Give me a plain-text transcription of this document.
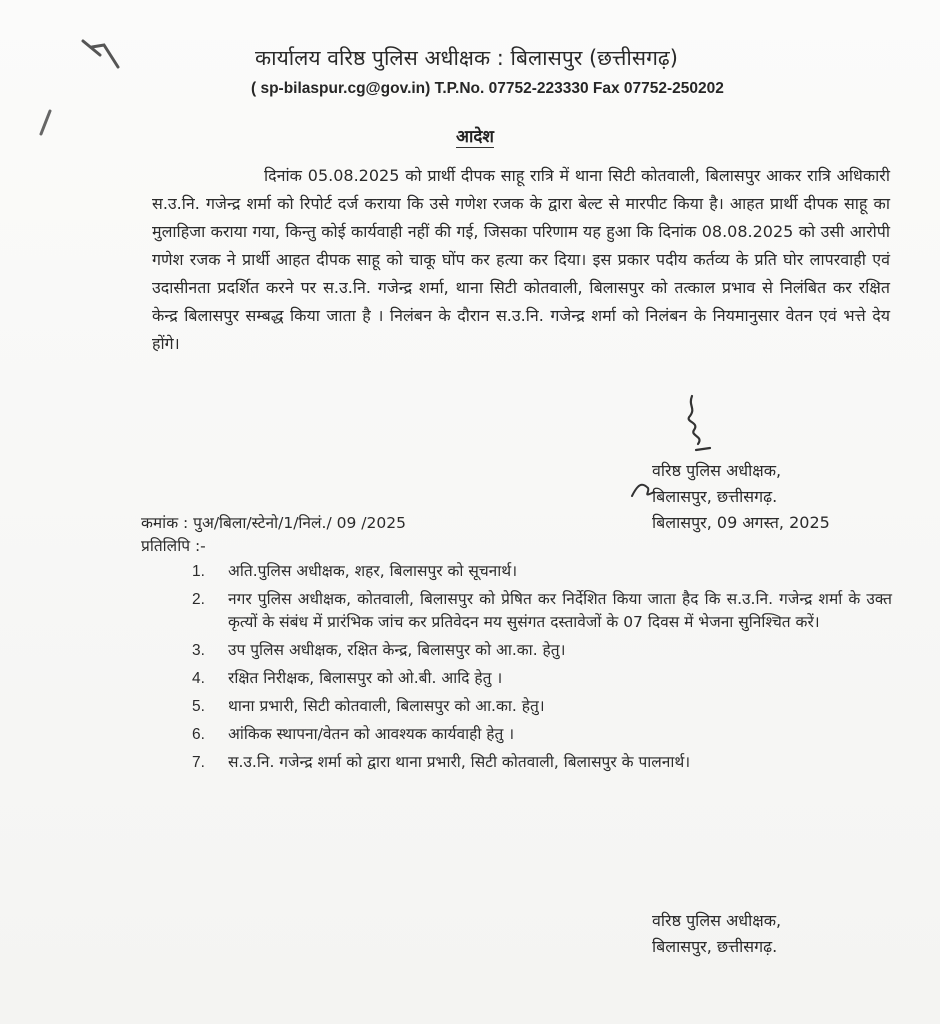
कार्यालय वरिष्ठ पुलिस अधीक्षक : बिलासपुर (छत्तीसगढ़)
( sp-bilaspur.cg@gov.in) T.P.No. 07752-223330 Fax 07752-250202
आदेश
दिनांक 05.08.2025 को प्रार्थी दीपक साहू रात्रि में थाना सिटी कोतवाली, बिलासपुर आकर रात्रि अधिकारी स.उ.नि. गजेन्द्र शर्मा को रिपोर्ट दर्ज कराया कि उसे गणेश रजक के द्वारा बेल्ट से मारपीट किया है। आहत प्रार्थी दीपक साहू का मुलाहिजा कराया गया, किन्तु कोई कार्यवाही नहीं की गई, जिसका परिणाम यह हुआ कि दिनांक 08.08.2025 को उसी आरोपी गणेश रजक ने प्रार्थी आहत दीपक साहू को चाकू घोंप कर हत्या कर दिया। इस प्रकार पदीय कर्तव्य के प्रति घोर लापरवाही एवं उदासीनता प्रदर्शित करने पर स.उ.नि. गजेन्द्र शर्मा, थाना सिटी कोतवाली, बिलासपुर को तत्काल प्रभाव से निलंबित कर रक्षित केन्द्र बिलासपुर सम्बद्ध किया जाता है । निलंबन के दौरान स.उ.नि. गजेन्द्र शर्मा को निलंबन के नियमानुसार वेतन एवं भत्ते देय होंगे।
वरिष्ठ पुलिस अधीक्षक,
बिलासपुर, छत्तीसगढ़.
कमांक : पुअ/बिला/स्टेनो/1/निलं./ 09 /2025	बिलासपुर, 09 अगस्त, 2025
प्रतिलिपि :-
1. अति.पुलिस अधीक्षक, शहर, बिलासपुर को सूचनार्थ।
2. नगर पुलिस अधीक्षक, कोतवाली, बिलासपुर को प्रेषित कर निर्देशित किया जाता हैद कि स.उ.नि. गजेन्द्र शर्मा के उक्त कृत्यों के संबंध में प्रारंभिक जांच कर प्रतिवेदन मय सुसंगत दस्तावेजों के 07 दिवस में भेजना सुनिश्चित करें।
3. उप पुलिस अधीक्षक, रक्षित केन्द्र, बिलासपुर को आ.का. हेतु।
4. रक्षित निरीक्षक, बिलासपुर को ओ.बी. आदि हेतु ।
5. थाना प्रभारी, सिटी कोतवाली, बिलासपुर को आ.का. हेतु।
6. आंकिक स्थापना/वेतन को आवश्यक कार्यवाही हेतु ।
7. स.उ.नि. गजेन्द्र शर्मा को द्वारा थाना प्रभारी, सिटी कोतवाली, बिलासपुर के पालनार्थ।
वरिष्ठ पुलिस अधीक्षक,
बिलासपुर, छत्तीसगढ़.
